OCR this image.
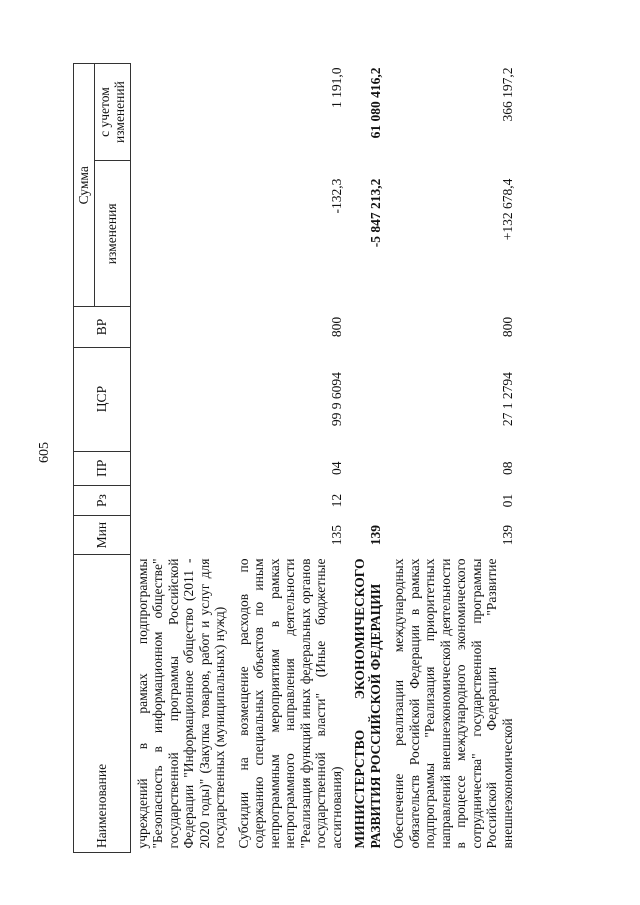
605
Наименование	Мин	Рз	ПР	ЦСР	ВР	Сумма	
						изменения	с учетом изменений
учреждений в рамках подпрограммы "Безопасность в информационном обществе" государственной программы Российской Федерации "Информационное общество (2011 - 2020 годы)" (Закупка товаров, работ и услуг для государственных (муниципальных) нужд)							
Субсидии на возмещение расходов по содержанию специальных объектов по иным непрограммным мероприятиям в рамках непрограммного направления деятельности "Реализация функций иных федеральных органов государственной власти" (Иные бюджетные ассигнования)	135	12	04	99 9 6094	800	-132,3	1 191,0
МИНИСТЕРСТВО ЭКОНОМИЧЕСКОГО РАЗВИТИЯ РОССИЙСКОЙ ФЕДЕРАЦИИ	139					-5 847 213,2	61 080 416,2
Обеспечение реализации международных обязательств Российской Федерации в рамках подпрограммы "Реализация приоритетных направлений внешнеэкономической деятельности в процессе международного экономического сотрудничества" государственной программы Российской Федерации "Развитие внешнеэкономической	139	01	08	27 1 2794	800	+132 678,4	366 197,2
